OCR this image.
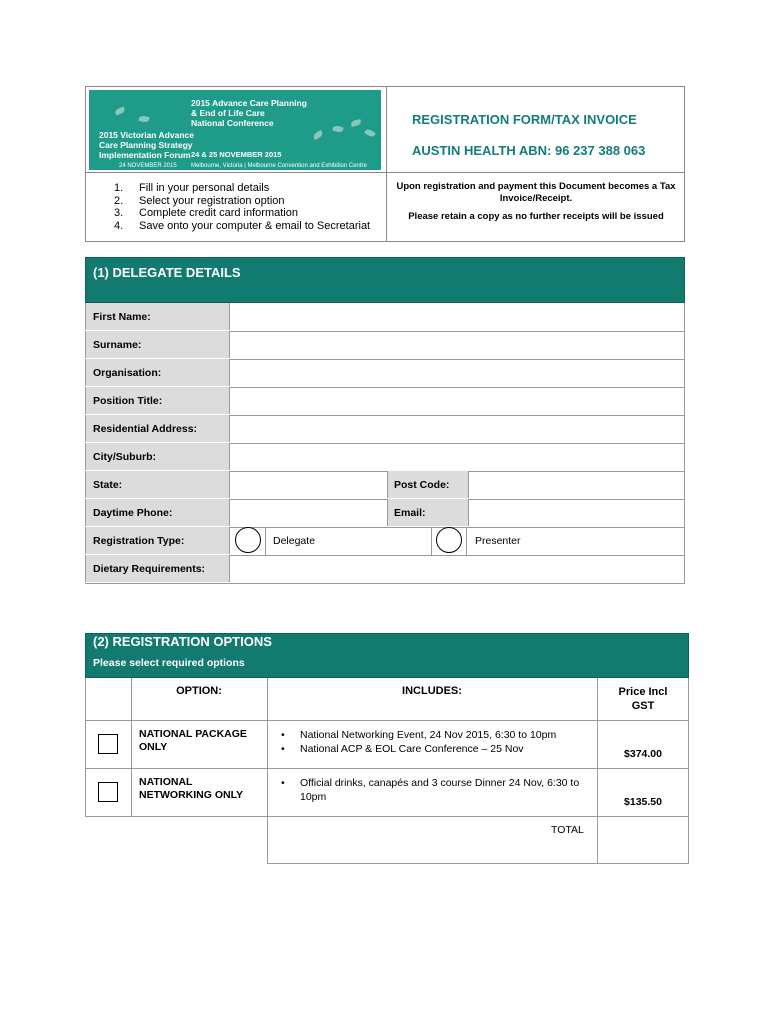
2015 Advance Care Planning
& End of Life Care
National Conference
2015 Victorian Advance
Care Planning Strategy
Implementation Forum 24 & 25 NOVEMBER 2015
24 NOVEMBER 2015 Melbourne, Victoria | Melbourne Convention and Exhibition Centre
REGISTRATION FORM/TAX INVOICE
AUSTIN HEALTH ABN: 96 237 388 063
1. Fill in your personal details
2. Select your registration option
3. Complete credit card information
4. Save onto your computer & email to Secretariat
Upon registration and payment this Document becomes a Tax Invoice/Receipt.
Please retain a copy as no further receipts will be issued
(1) DELEGATE DETAILS
First Name:
Surname:
Organisation:
Position Title:
Residential Address:
City/Suburb:
State:	Post Code:
Daytime Phone:	Email:
Registration Type:	Delegate	Presenter
Dietary Requirements:
(2) REGISTRATION OPTIONS
Please select required options
OPTION:	INCLUDES:	Price Incl GST
NATIONAL PACKAGE ONLY
• National Networking Event, 24 Nov 2015, 6:30 to 10pm
• National ACP & EOL Care Conference – 25 Nov	$374.00
NATIONAL NETWORKING ONLY
• Official drinks, canapés and 3 course Dinner 24 Nov, 6:30 to 10pm	$135.50
TOTAL
